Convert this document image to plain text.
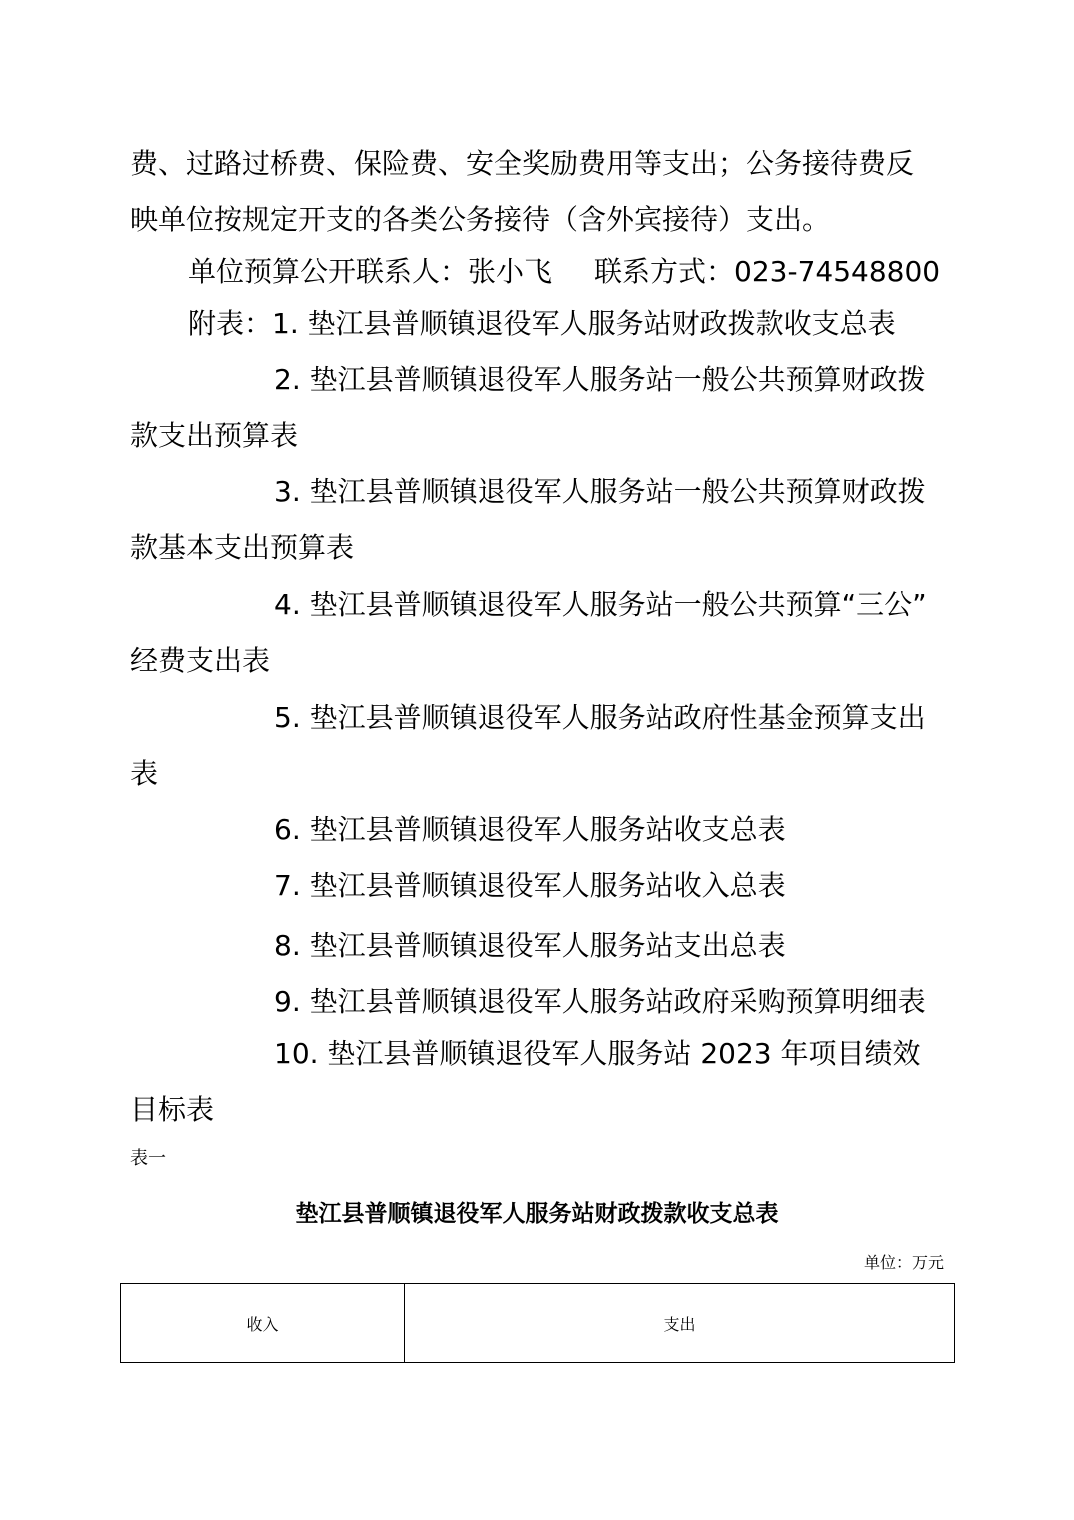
费、过路过桥费、保险费、安全奖励费用等支出；公务接待费反
映单位按规定开支的各类公务接待（含外宾接待）支出。
单位预算公开联系人：张小飞 联系方式：023-74548800
附表：1. 垫江县普顺镇退役军人服务站财政拨款收支总表
2. 垫江县普顺镇退役军人服务站一般公共预算财政拨
款支出预算表
3. 垫江县普顺镇退役军人服务站一般公共预算财政拨
款基本支出预算表
4. 垫江县普顺镇退役军人服务站一般公共预算“三公”
经费支出表
5. 垫江县普顺镇退役军人服务站政府性基金预算支出
表
6. 垫江县普顺镇退役军人服务站收支总表
7. 垫江县普顺镇退役军人服务站收入总表
8. 垫江县普顺镇退役军人服务站支出总表
9. 垫江县普顺镇退役军人服务站政府采购预算明细表
10. 垫江县普顺镇退役军人服务站 2023 年项目绩效
目标表
表一
垫江县普顺镇退役军人服务站财政拨款收支总表
单位：万元
收入	支出
